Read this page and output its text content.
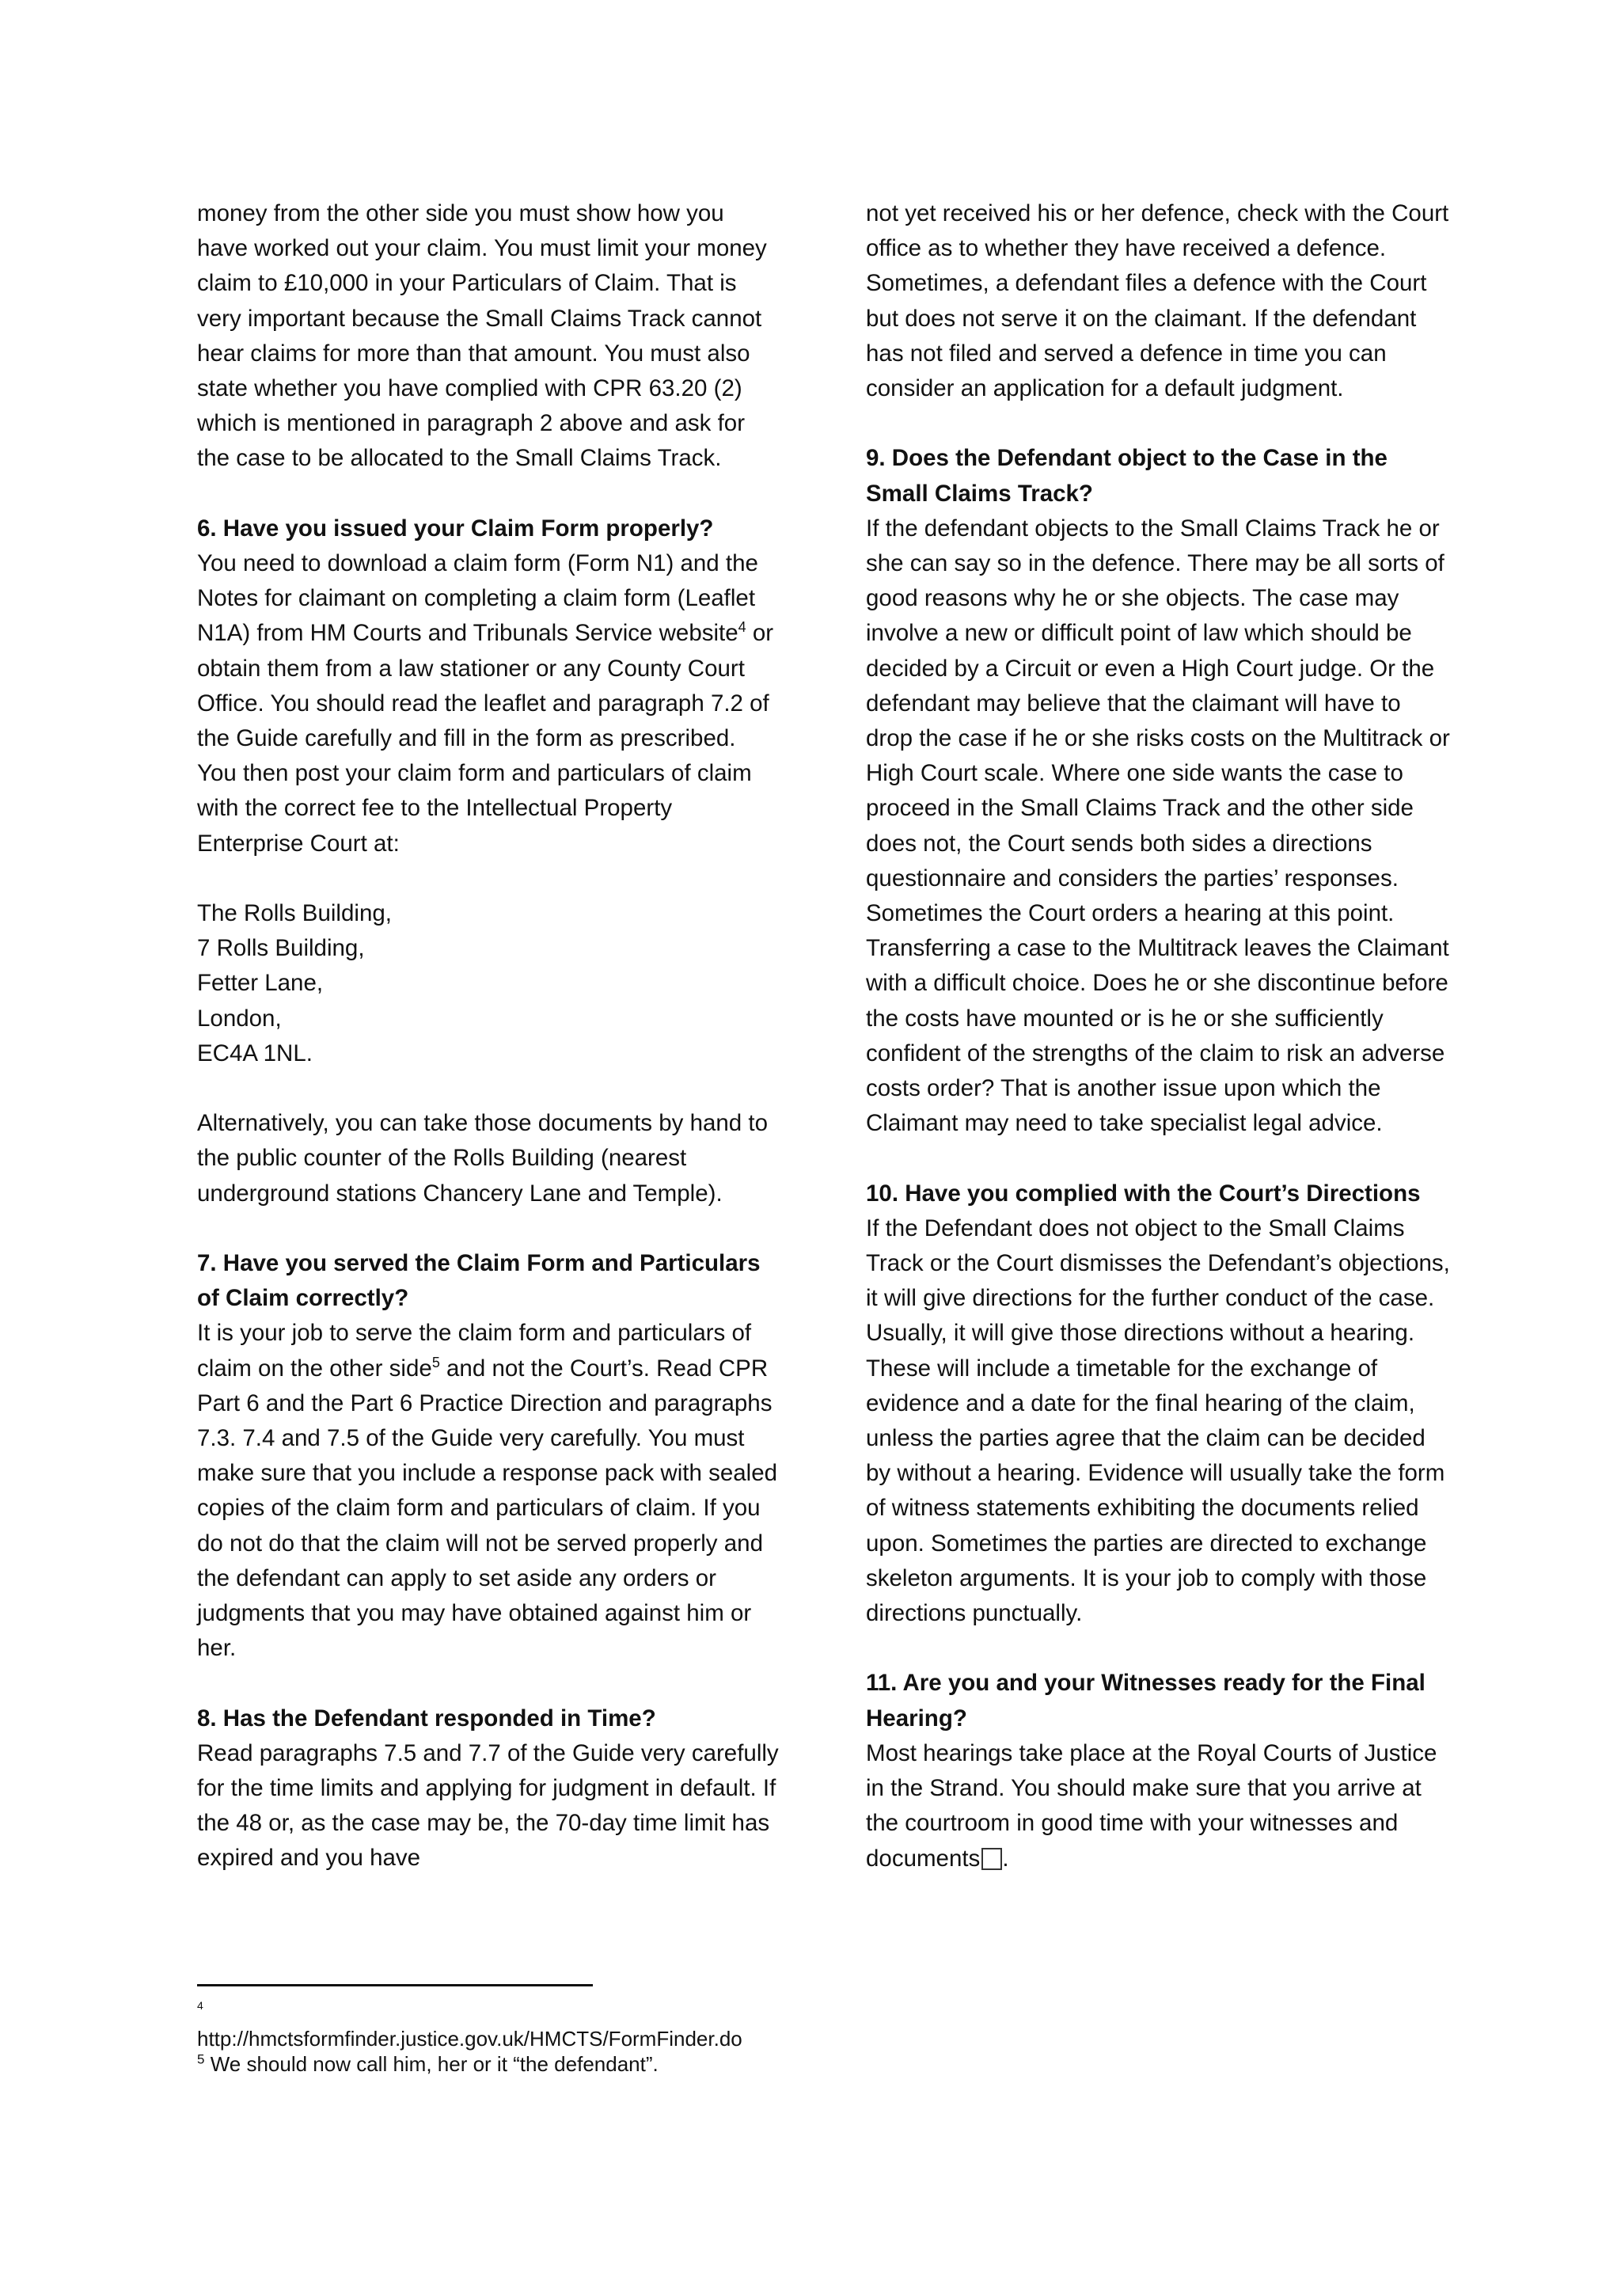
money from the other side you must show how you have worked out your claim. You must limit your money claim to £10,000 in your Particulars of Claim. That is very important because the Small Claims Track cannot hear claims for more than that amount. You must also state whether you have complied with CPR 63.20 (2) which is mentioned in paragraph 2 above and ask for the case to be allocated to the Small Claims Track.

6. Have you issued your Claim Form properly?

You need to download a claim form (Form N1) and the Notes for claimant on completing a claim form (Leaflet N1A) from HM Courts and Tribunals Service website$^4$ or obtain them from a law stationer or any County Court Office. You should read the leaflet and paragraph 7.2 of the Guide carefully and fill in the form as prescribed. You then post your claim form and particulars of claim with the correct fee to the Intellectual Property Enterprise Court at:

The Rolls Building,
7 Rolls Building,
Fetter Lane,
London,
EC4A 1NL.

Alternatively, you can take those documents by hand to the public counter of the Rolls Building (nearest underground stations Chancery Lane and Temple).

7. Have you served the Claim Form and Particulars of Claim correctly?

It is your job to serve the claim form and particulars of claim on the other side$^5$ and not the Court’s. Read CPR Part 6 and the Part 6 Practice Direction and paragraphs 7.3. 7.4 and 7.5 of the Guide very carefully. You must make sure that you include a response pack with sealed copies of the claim form and particulars of claim. If you do not do that the claim will not be served properly and the defendant can apply to set aside any orders or judgments that you may have obtained against him or her.

8. Has the Defendant responded in Time?

Read paragraphs 7.5 and 7.7 of the Guide very carefully for the time limits and applying for judgment in default. If the 48 or, as the case may be, the 70-day time limit has expired and you have

not yet received his or her defence, check with the Court office as to whether they have received a defence. Sometimes, a defendant files a defence with the Court but does not serve it on the claimant. If the defendant has not filed and served a defence in time you can consider an application for a default judgment.

9. Does the Defendant object to the Case in the Small Claims Track?

If the defendant objects to the Small Claims Track he or she can say so in the defence. There may be all sorts of good reasons why he or she objects. The case may involve a new or difficult point of law which should be decided by a Circuit or even a High Court judge. Or the defendant may believe that the claimant will have to drop the case if he or she risks costs on the Multitrack or High Court scale. Where one side wants the case to proceed in the Small Claims Track and the other side does not, the Court sends both sides a directions questionnaire and considers the parties’ responses. Sometimes the Court orders a hearing at this point. Transferring a case to the Multitrack leaves the Claimant with a difficult choice. Does he or she discontinue before the costs have mounted or is he or she sufficiently confident of the strengths of the claim to risk an adverse costs order? That is another issue upon which the Claimant may need to take specialist legal advice.

10. Have you complied with the Court’s Directions

If the Defendant does not object to the Small Claims Track or the Court dismisses the Defendant’s objections, it will give directions for the further conduct of the case. Usually, it will give those directions without a hearing. These will include a timetable for the exchange of evidence and a date for the final hearing of the claim, unless the parties agree that the claim can be decided by without a hearing. Evidence will usually take the form of witness statements exhibiting the documents relied upon. Sometimes the parties are directed to exchange skeleton arguments. It is your job to comply with those directions punctually.

11. Are you and your Witnesses ready for the Final Hearing?

Most hearings take place at the Royal Courts of Justice in the Strand. You should make sure that you arrive at the courtroom in good time with your witnesses and documents .

4
http://hmctsformfinder.justice.gov.uk/HMCTS/FormFinder.do
$^5$ We should now call him, her or it “the defendant”.
